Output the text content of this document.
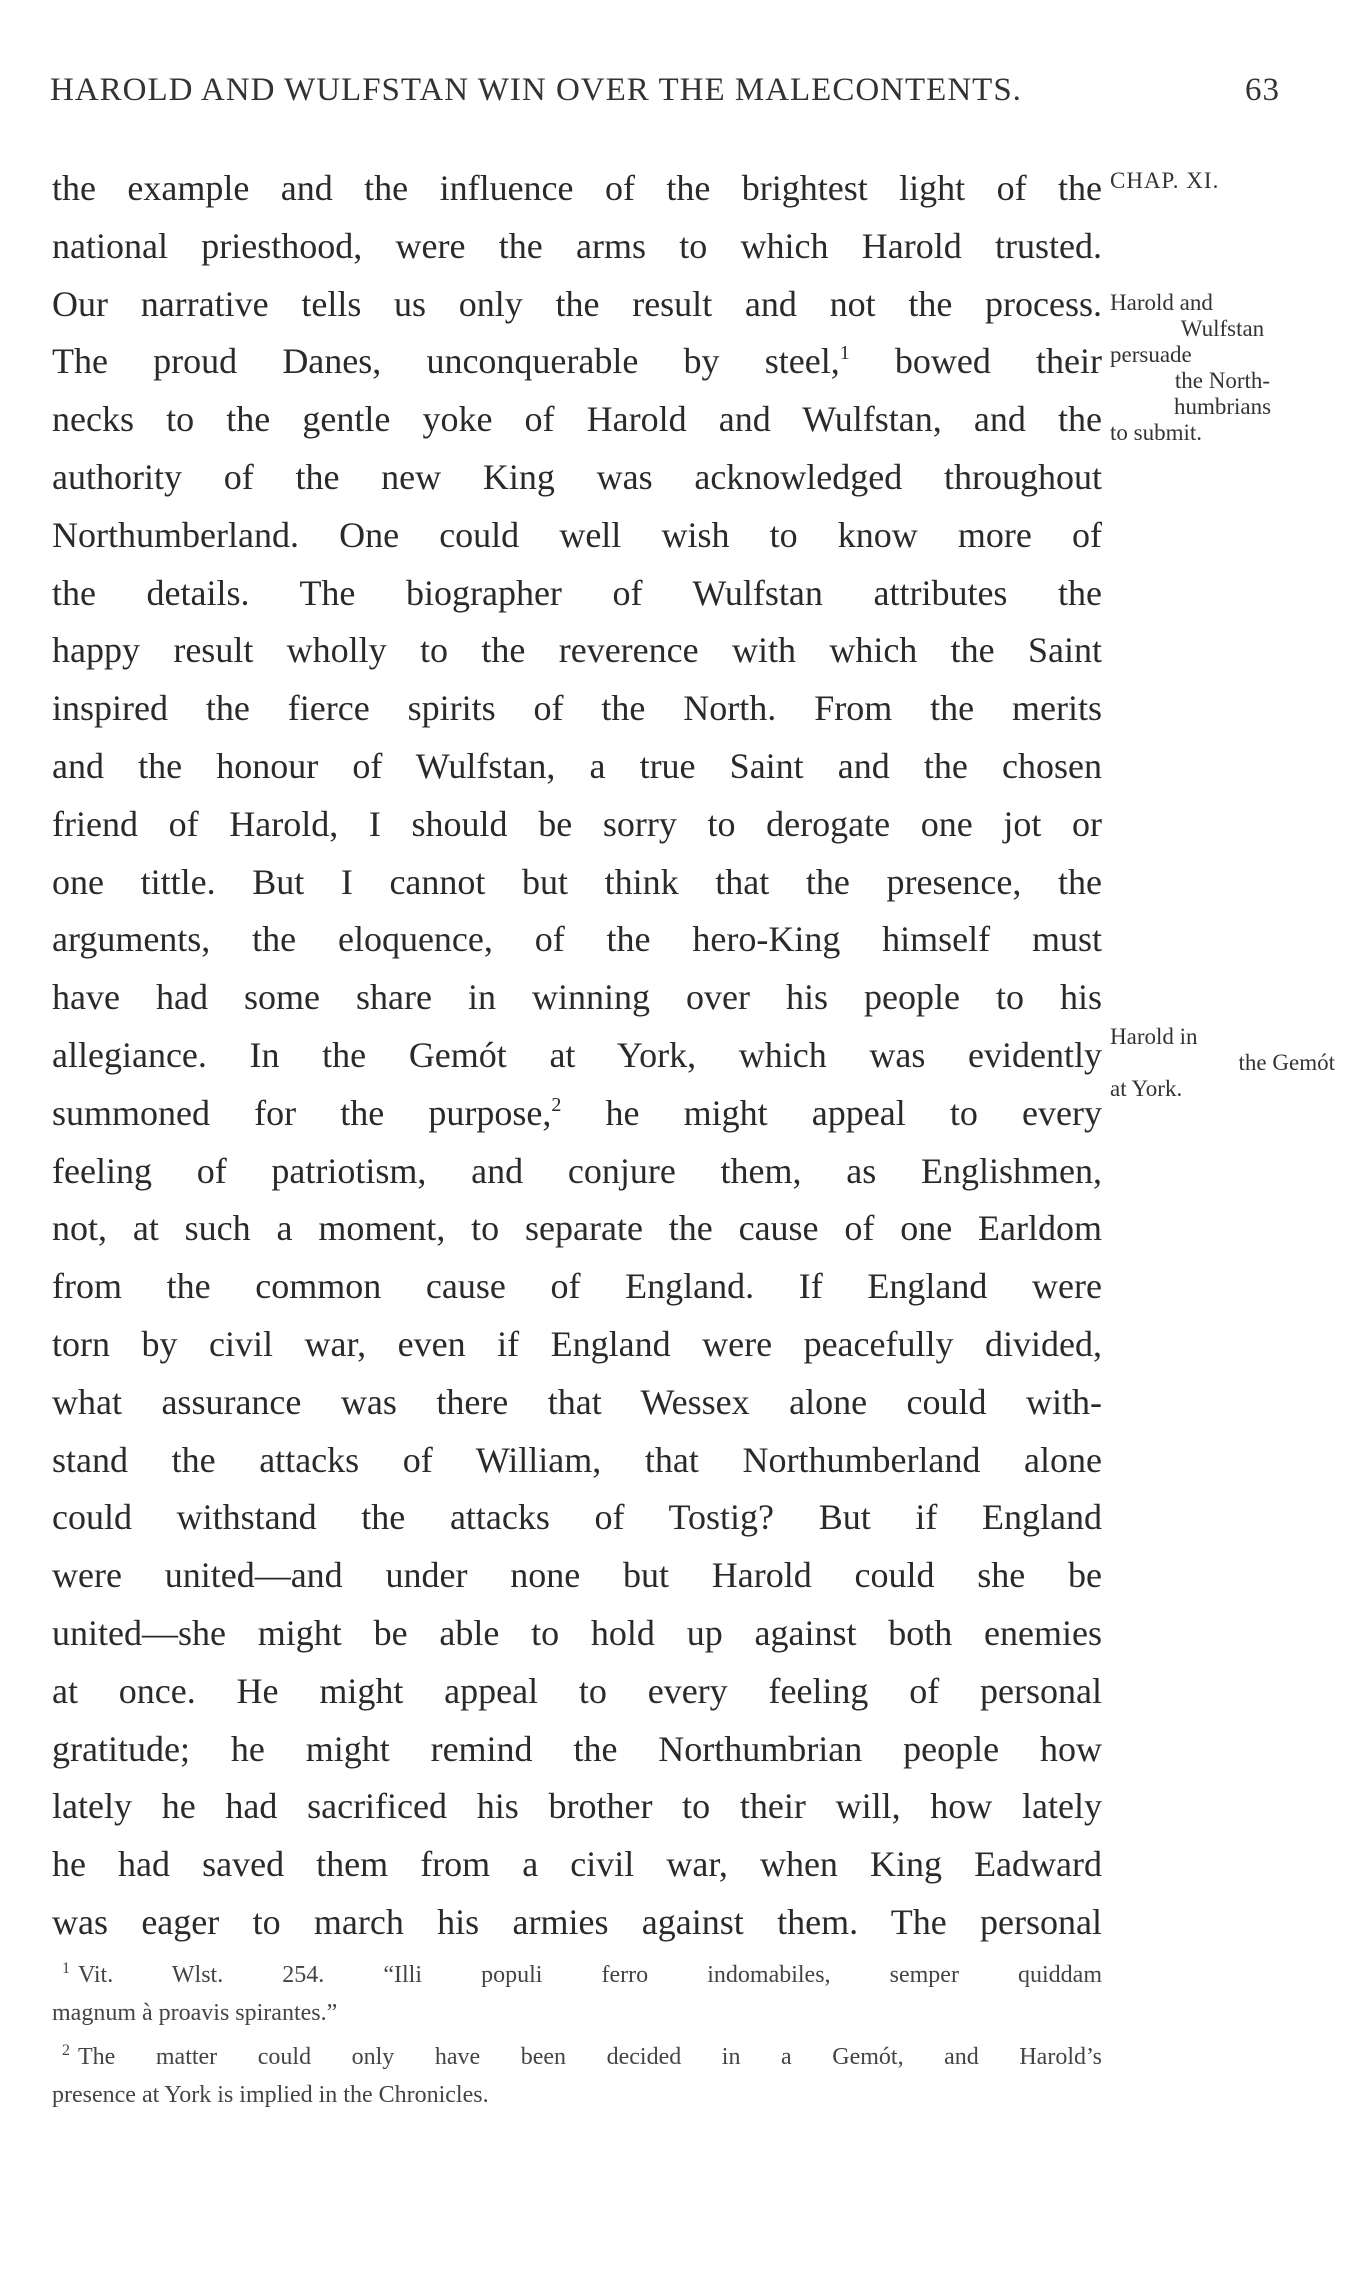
HAROLD AND WULFSTAN WIN OVER THE MALECONTENTS.	63
the example and the influence of the brightest light of the
national priesthood, were the arms to which Harold trusted.
Our narrative tells us only the result and not the process.
The proud Danes, unconquerable by steel,$^1$ bowed their
necks to the gentle yoke of Harold and Wulfstan, and the
authority of the new King was acknowledged throughout
Northumberland. One could well wish to know more of
the details. The biographer of Wulfstan attributes the
happy result wholly to the reverence with which the Saint
inspired the fierce spirits of the North. From the merits
and the honour of Wulfstan, a true Saint and the chosen
friend of Harold, I should be sorry to derogate one jot or
one tittle. But I cannot but think that the presence, the
arguments, the eloquence, of the hero-King himself must
have had some share in winning over his people to his
allegiance. In the Gemót at York, which was evidently
summoned for the purpose,$^2$ he might appeal to every
feeling of patriotism, and conjure them, as Englishmen,
not, at such a moment, to separate the cause of one Earldom
from the common cause of England. If England were
torn by civil war, even if England were peacefully divided,
what assurance was there that Wessex alone could with-
stand the attacks of William, that Northumberland alone
could withstand the attacks of Tostig? But if England
were united—and under none but Harold could she be
united—she might be able to hold up against both enemies
at once. He might appeal to every feeling of personal
gratitude; he might remind the Northumbrian people how
lately he had sacrificed his brother to their will, how lately
he had saved them from a civil war, when King Eadward
was eager to march his armies against them. The personal
CHAP. XI.
Harold and
Wulfstan
persuade
the North-
humbrians
to submit.
Harold in
the Gemót
at York.
$^1$ Vit. Wlst. 254. “Illi populi ferro indomabiles, semper quiddam
magnum à proavis spirantes.”
$^2$ The matter could only have been decided in a Gemót, and Harold’s
presence at York is implied in the Chronicles.
